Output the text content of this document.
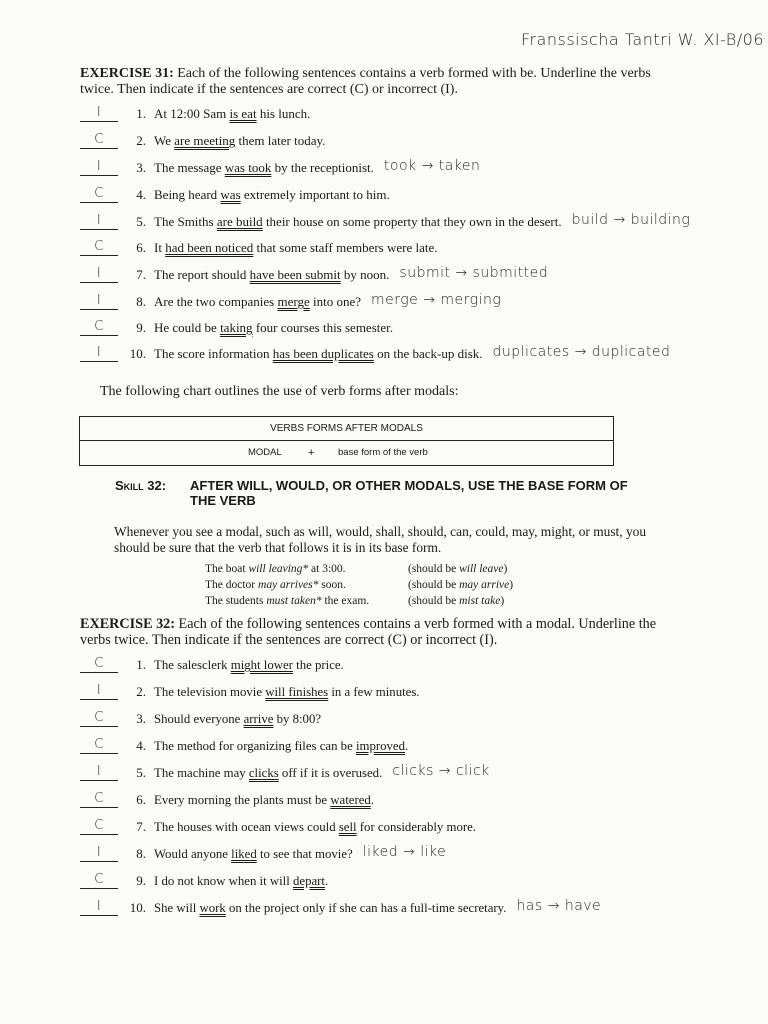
Franssischa Tantri W. XI-B/06
EXERCISE 31: Each of the following sentences contains a verb formed with be. Underline the verbs twice. Then indicate if the sentences are correct (C) or incorrect (I).
I	1. At 12:00 Sam is eat his lunch.
C	2. We are meeting them later today.
I	3. The message was took by the receptionist. took → taken
C	4. Being heard was extremely important to him.
I	5. The Smiths are build their house on some property that they own in the desert. build → building
C	6. It had been noticed that some staff members were late.
I	7. The report should have been submit by noon. submit → submitted
I	8. Are the two companies merge into one? merge → merging
C	9. He could be taking four courses this semester.
I	10. The score information has been duplicates on the back-up disk. duplicates → duplicated
The following chart outlines the use of verb forms after modals:
VERBS FORMS AFTER MODALS
MODAL + base form of the verb
Skill 32: AFTER WILL, WOULD, OR OTHER MODALS, USE THE BASE FORM OF THE VERB
Whenever you see a modal, such as will, would, shall, should, can, could, may, might, or must, you should be sure that the verb that follows it is in its base form.
The boat will leaving* at 3:00.	(should be will leave)
The doctor may arrives* soon.	(should be may arrive)
The students must taken* the exam.	(should be mist take)
EXERCISE 32: Each of the following sentences contains a verb formed with a modal. Underline the verbs twice. Then indicate if the sentences are correct (C) or incorrect (I).
C	1. The salesclerk might lower the price.
I	2. The television movie will finishes in a few minutes.
C	3. Should everyone arrive by 8:00?
C	4. The method for organizing files can be improved.
I	5. The machine may clicks off if it is overused. clicks → click
C	6. Every morning the plants must be watered.
C	7. The houses with ocean views could sell for considerably more.
I	8. Would anyone liked to see that movie? liked → like
C	9. I do not know when it will depart.
I	10. She will work on the project only if she can has a full-time secretary. has → have
